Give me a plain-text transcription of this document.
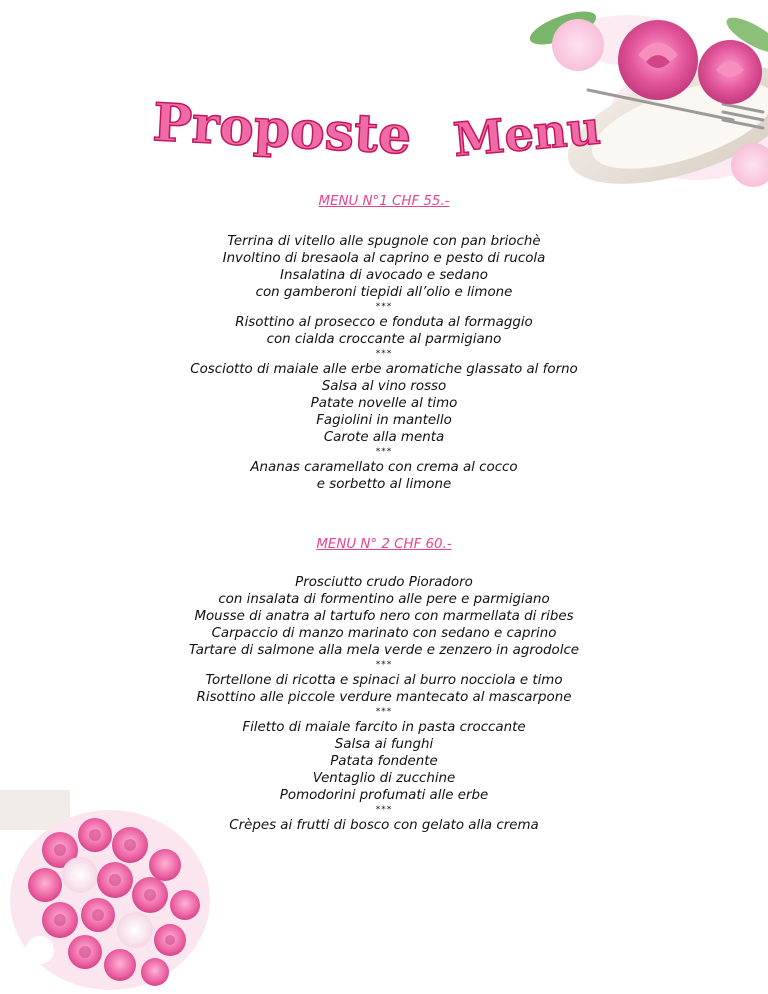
Proposte Menu
MENU N°1 CHF 55.-
Terrina di vitello alle spugnole con pan briochè
Involtino di bresaola al caprino e pesto di rucola
Insalatina di avocado e sedano
con gamberoni tiepidi all’olio e limone
***
Risottino al prosecco e fonduta al formaggio
con cialda croccante al parmigiano
***
Cosciotto di maiale alle erbe aromatiche glassato al forno
Salsa al vino rosso
Patate novelle al timo
Fagiolini in mantello
Carote alla menta
***
Ananas caramellato con crema al cocco
e sorbetto al limone
MENU N° 2 CHF 60.-
Prosciutto crudo Pioradoro
con insalata di formentino alle pere e parmigiano
Mousse di anatra al tartufo nero con marmellata di ribes
Carpaccio di manzo marinato con sedano e caprino
Tartare di salmone alla mela verde e zenzero in agrodolce
***
Tortellone di ricotta e spinaci al burro nocciola e timo
Risottino alle piccole verdure mantecato al mascarpone
***
Filetto di maiale farcito in pasta croccante
Salsa ai funghi
Patata fondente
Ventaglio di zucchine
Pomodorini profumati alle erbe
***
Crèpes ai frutti di bosco con gelato alla crema
